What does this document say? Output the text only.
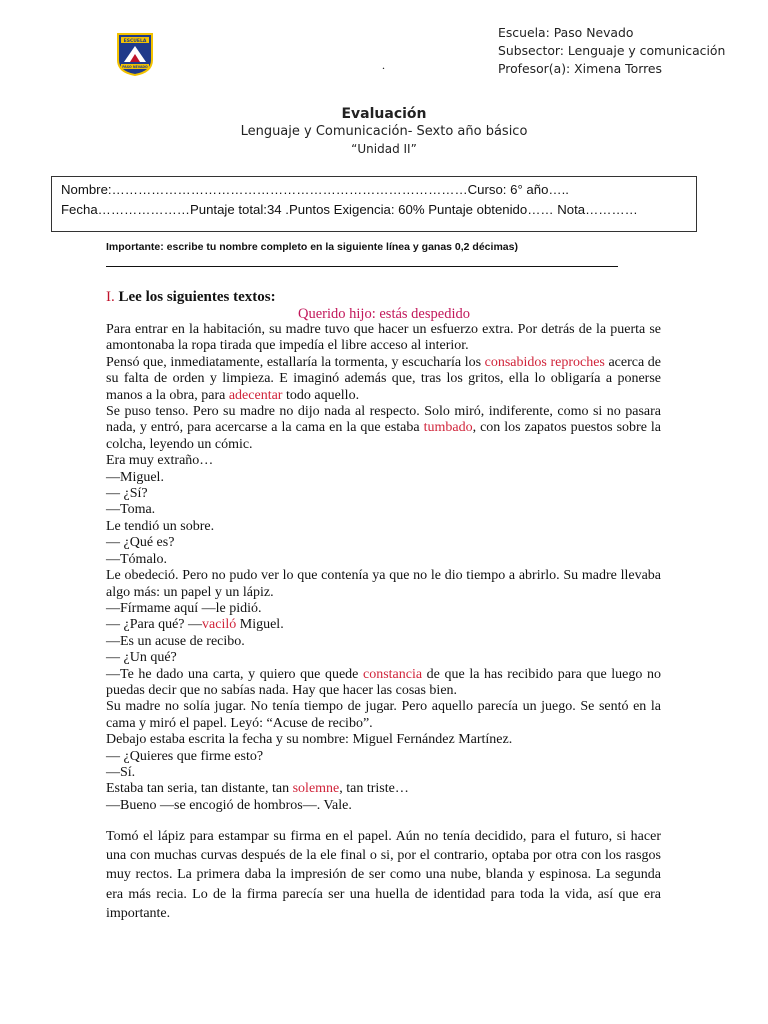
ESCUELA
PASO NEVADO	.
Escuela: Paso Nevado
Subsector: Lenguaje y comunicación
Profesor(a): Ximena Torres
Evaluación
Lenguaje y Comunicación- Sexto año básico
“Unidad II”
Nombre:………………………………………………………………………Curso: 6° año…..
Fecha…………………Puntaje total:34 .Puntos Exigencia: 60% Puntaje obtenido…… Nota…………
Importante: escribe tu nombre completo en la siguiente línea y ganas 0,2 décimas)
I. Lee los siguientes textos:
Querido hijo: estás despedido

Para entrar en la habitación, su madre tuvo que hacer un esfuerzo extra. Por detrás de la puerta se amontonaba la ropa tirada que impedía el libre acceso al interior.

Pensó que, inmediatamente, estallaría la tormenta, y escucharía los consabidos reproches acerca de su falta de orden y limpieza. E imaginó además que, tras los gritos, ella lo obligaría a ponerse manos a la obra, para adecentar todo aquello.

Se puso tenso. Pero su madre no dijo nada al respecto. Solo miró, indiferente, como si no pasara nada, y entró, para acercarse a la cama en la que estaba tumbado, con los zapatos puestos sobre la colcha, leyendo un cómic.

Era muy extraño…

—Miguel.

— ¿Sí?

—Toma.

Le tendió un sobre.

— ¿Qué es?

—Tómalo.

Le obedeció. Pero no pudo ver lo que contenía ya que no le dio tiempo a abrirlo. Su madre llevaba algo más: un papel y un lápiz.

—Fírmame aquí —le pidió.

— ¿Para qué? —vaciló Miguel.

—Es un acuse de recibo.

— ¿Un qué?

—Te he dado una carta, y quiero que quede constancia de que la has recibido para que luego no puedas decir que no sabías nada. Hay que hacer las cosas bien.

Su madre no solía jugar. No tenía tiempo de jugar. Pero aquello parecía un juego. Se sentó en la cama y miró el papel. Leyó: “Acuse de recibo”.

Debajo estaba escrita la fecha y su nombre: Miguel Fernández Martínez.

— ¿Quieres que firme esto?

—Sí.

Estaba tan seria, tan distante, tan solemne, tan triste…

—Bueno —se encogió de hombros—. Vale.

Tomó el lápiz para estampar su firma en el papel. Aún no tenía decidido, para el futuro, si hacer una con muchas curvas después de la ele final o si, por el contrario, optaba por otra con los rasgos muy rectos. La primera daba la impresión de ser como una nube, blanda y espinosa. La segunda era más recia. Lo de la firma parecía ser una huella de identidad para toda la vida, así que era importante.
